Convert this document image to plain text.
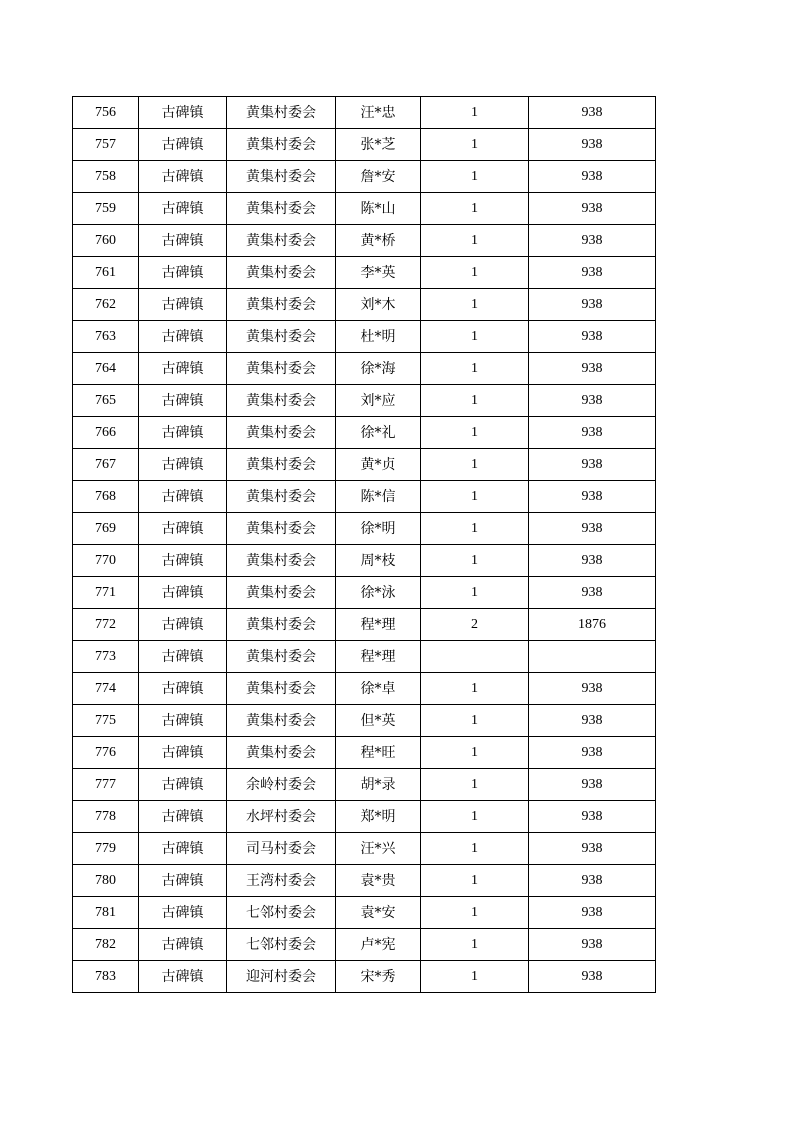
756	古碑镇	黄集村委会	汪*忠	1	938
757	古碑镇	黄集村委会	张*芝	1	938
758	古碑镇	黄集村委会	詹*安	1	938
759	古碑镇	黄集村委会	陈*山	1	938
760	古碑镇	黄集村委会	黄*桥	1	938
761	古碑镇	黄集村委会	李*英	1	938
762	古碑镇	黄集村委会	刘*木	1	938
763	古碑镇	黄集村委会	杜*明	1	938
764	古碑镇	黄集村委会	徐*海	1	938
765	古碑镇	黄集村委会	刘*应	1	938
766	古碑镇	黄集村委会	徐*礼	1	938
767	古碑镇	黄集村委会	黄*贞	1	938
768	古碑镇	黄集村委会	陈*信	1	938
769	古碑镇	黄集村委会	徐*明	1	938
770	古碑镇	黄集村委会	周*枝	1	938
771	古碑镇	黄集村委会	徐*泳	1	938
772	古碑镇	黄集村委会	程*理	2	1876
773	古碑镇	黄集村委会	程*理		
774	古碑镇	黄集村委会	徐*卓	1	938
775	古碑镇	黄集村委会	但*英	1	938
776	古碑镇	黄集村委会	程*旺	1	938
777	古碑镇	余岭村委会	胡*录	1	938
778	古碑镇	水坪村委会	郑*明	1	938
779	古碑镇	司马村委会	汪*兴	1	938
780	古碑镇	王湾村委会	袁*贵	1	938
781	古碑镇	七邻村委会	袁*安	1	938
782	古碑镇	七邻村委会	卢*宪	1	938
783	古碑镇	迎河村委会	宋*秀	1	938
